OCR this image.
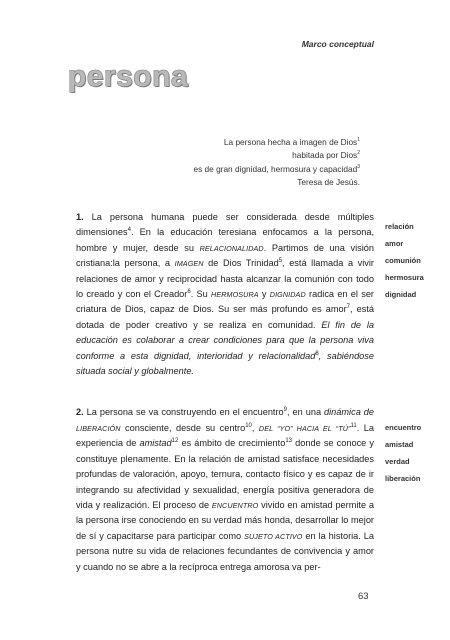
Marco conceptual
persona
La persona hecha a imagen de Dios$^1$
habitada por Dios$^2$
es de gran dignidad, hermosura y capacidad$^3$
Teresa de Jesús.

1. La persona humana puede ser considerada desde múltiples dimensiones$^4$. En la educación teresiana enfocamos a la persona, hombre y mujer, desde su RELACIONALIDAD. Partimos de una visión cristiana:la persona, a IMAGEN de Dios Trinidad$^5$, está llamada a vivir relaciones de amor y reciprocidad hasta alcanzar la comunión con todo lo creado y con el Creador$^6$. Su HERMOSURA y DIGNIDAD radica en el ser criatura de Dios, capaz de Dios. Su ser más profundo es amor$^7$, está dotada de poder creativo y se realiza en comunidad. El fin de la educación es colaborar a crear condiciones para que la persona viva conforme a esta dignidad, interioridad y relacionalidad$^8$, sabiéndose situada social y globalmente.

2. La persona se va construyendo en el encuentro$^9$, en una dinámica de LIBERACIÓN consciente, desde su centro$^{10}$, DEL “YO” HACIA EL “TÚ”$^{11}$. La experiencia de amistad$^{12}$ es ámbito de crecimiento$^{13}$ donde se conoce y constituye plenamente. En la relación de amistad satisface necesidades profundas de valoración, apoyo, ternura, contacto físico y es capaz de ir integrando su afectividad y sexualidad, energía positiva generadora de vida y realización. El proceso de ENCUENTRO vivido en amistad permite a la persona irse conociendo en su verdad más honda, desarrollar lo mejor de sí y capacitarse para participar como SUJETO ACTIVO en la historia. La persona nutre su vida de relaciones fecundantes de convivencia y amor y cuando no se abre a la recíproca entrega amorosa va per-

relación
amor
comunión
hermosura
dignidad
encuentro
amistad
verdad
liberación
63
